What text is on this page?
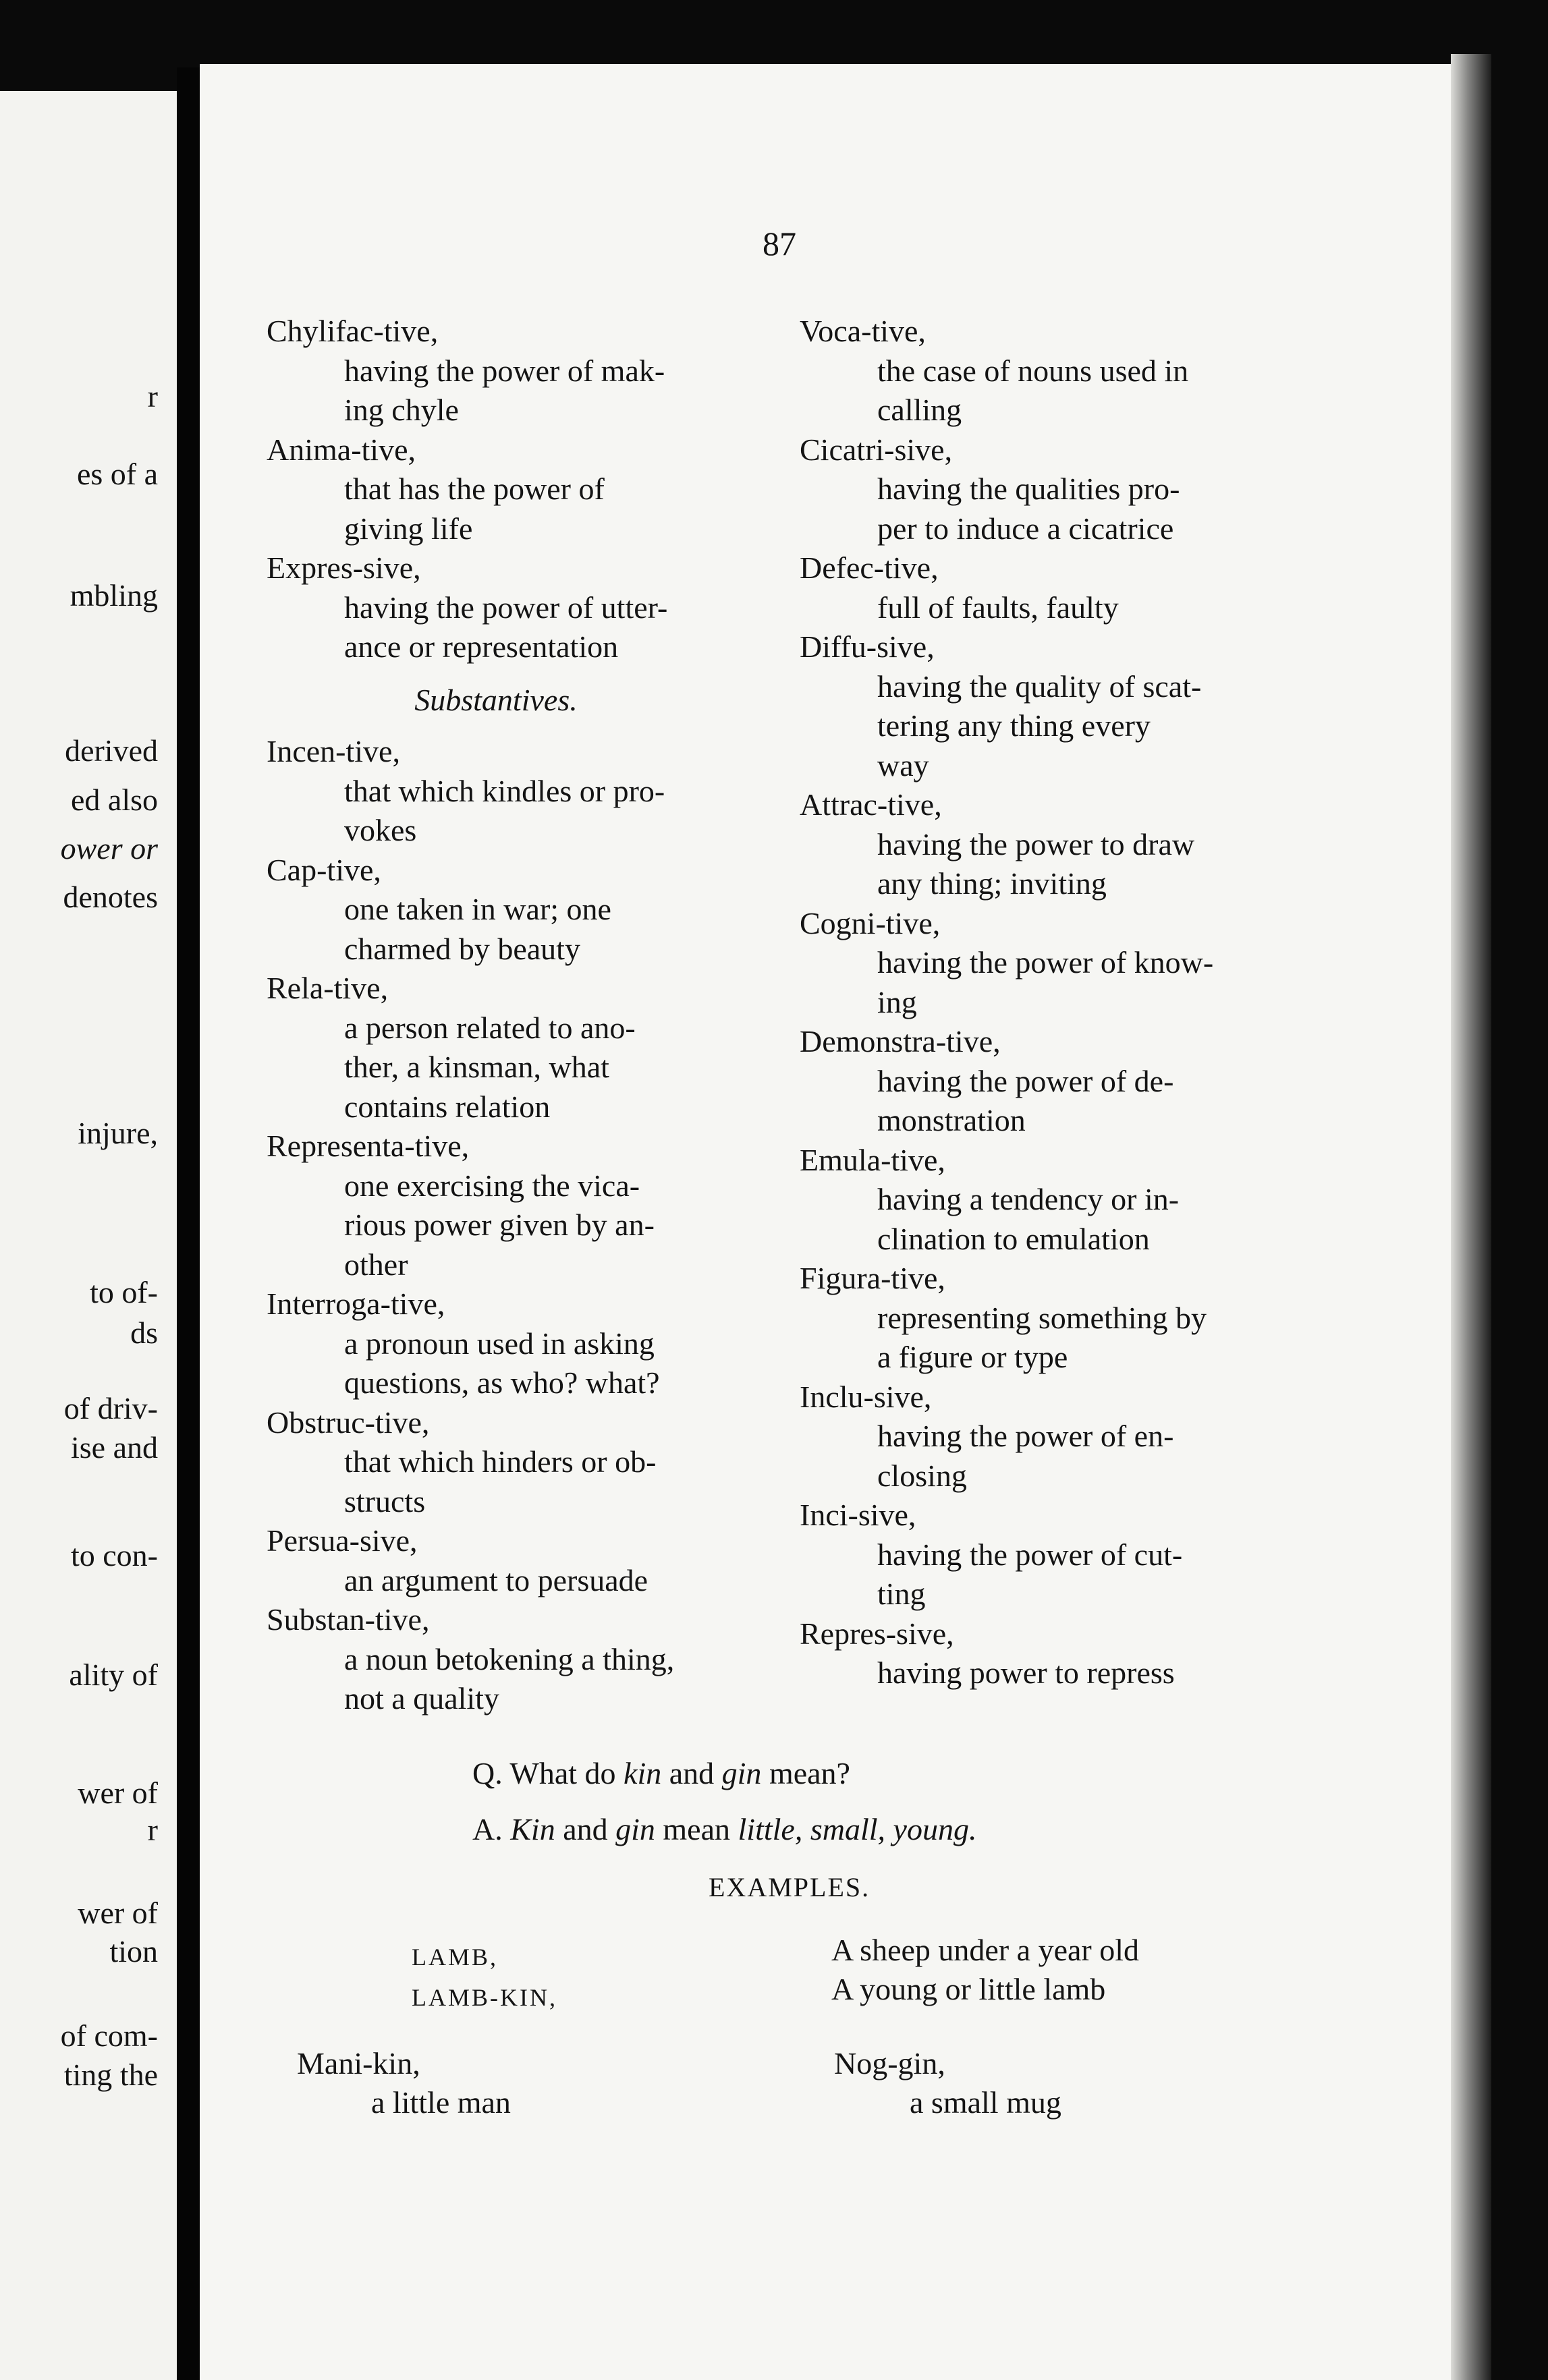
r
es of a
mbling
derived
ed also
ower or
denotes
injure,
to of-
ds
of driv-
ise and
to con-
ality of
wer of
r
wer of
tion
of com-
ting the
87
Chylifac-tive,
having the power of mak-
ing chyle
Anima-tive,
that has the power of
giving life
Expres-sive,
having the power of utter-
ance or representation
Substantives.
Incen-tive,
that which kindles or pro-
vokes
Cap-tive,
one taken in war; one
charmed by beauty
Rela-tive,
a person related to ano-
ther, a kinsman, what
contains relation
Representa-tive,
one exercising the vica-
rious power given by an-
other
Interroga-tive,
a pronoun used in asking
questions, as who? what?
Obstruc-tive,
that which hinders or ob-
structs
Persua-sive,
an argument to persuade
Substan-tive,
a noun betokening a thing,
not a quality
Voca-tive,
the case of nouns used in
calling
Cicatri-sive,
having the qualities pro-
per to induce a cicatrice
Defec-tive,
full of faults, faulty
Diffu-sive,
having the quality of scat-
tering any thing every
way
Attrac-tive,
having the power to draw
any thing; inviting
Cogni-tive,
having the power of know-
ing
Demonstra-tive,
having the power of de-
monstration
Emula-tive,
having a tendency or in-
clination to emulation
Figura-tive,
representing something by
a figure or type
Inclu-sive,
having the power of en-
closing
Inci-sive,
having the power of cut-
ting
Repres-sive,
having power to repress
Q. What do kin and gin mean?
A. Kin and gin mean little, small, young.
EXAMPLES.
LAMB,	A sheep under a year old
LAMB-KIN,	A young or little lamb
Mani-kin,
a little man
Nog-gin,
a small mug
